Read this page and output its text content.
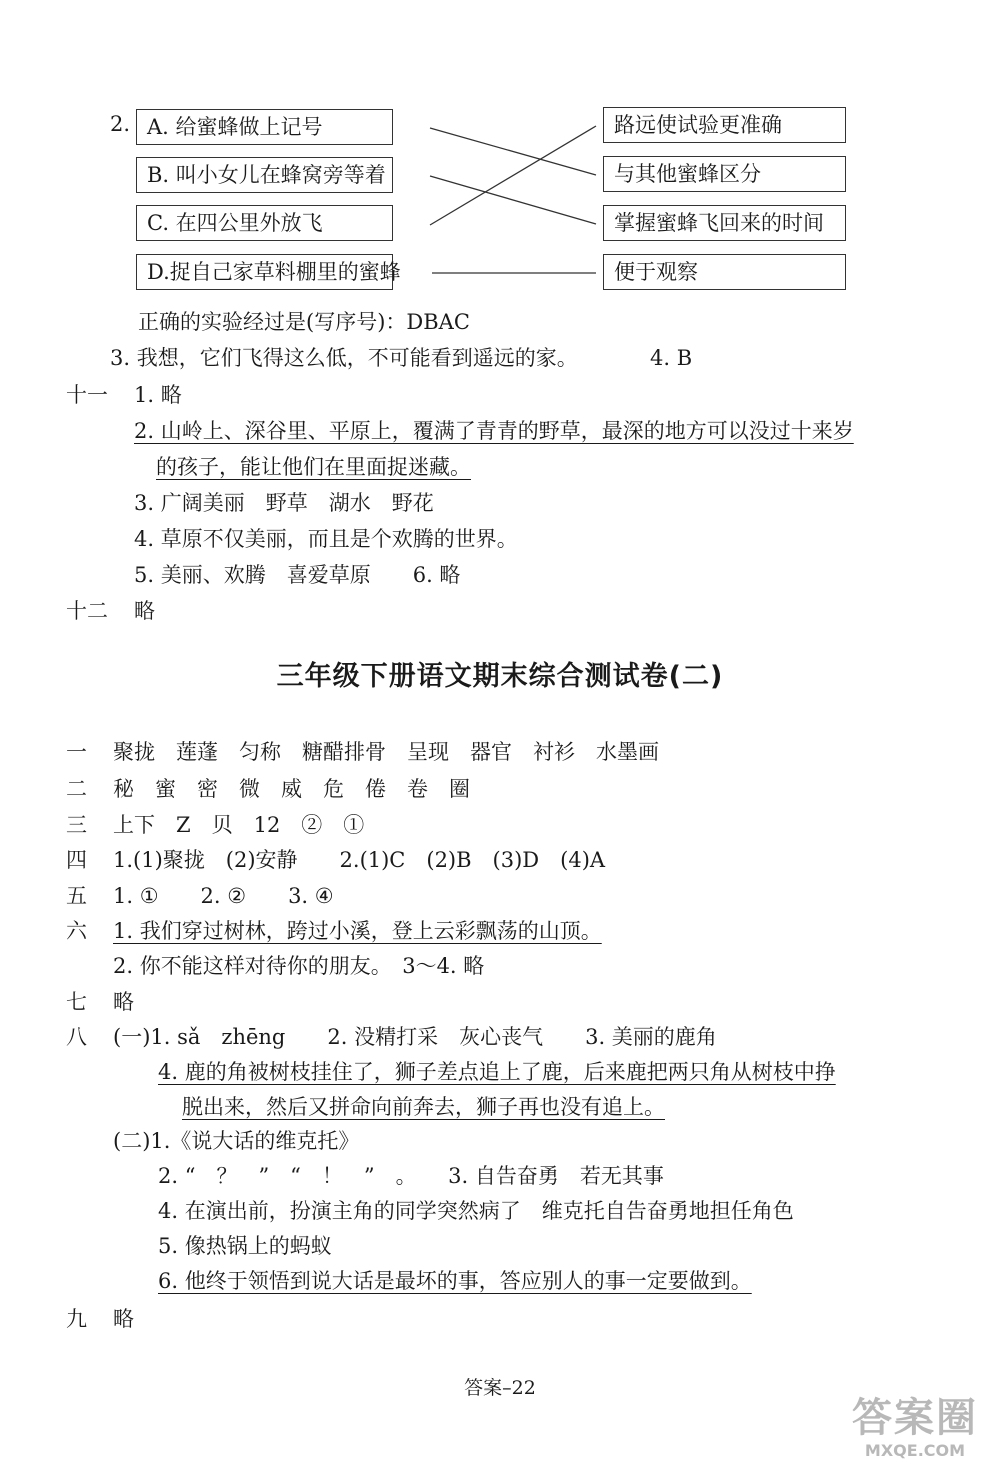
2. A. 给蜜蜂做上记号
B. 叫小女儿在蜂窝旁等着
C. 在四公里外放飞
D.捉自己家草料棚里的蜜蜂
路远使试验更准确
与其他蜜蜂区分
掌握蜜蜂飞回来的时间
便于观察
正确的实验经过是(写序号)：DBAC
3. 我想，它们飞得这么低，不可能看到遥远的家。	4. B
十一 1. 略
2. 山岭上、深谷里、平原上，覆满了青青的野草，最深的地方可以没过十来岁
的孩子，能让他们在里面捉迷藏。
3. 广阔美丽　野草　湖水　野花
4. 草原不仅美丽，而且是个欢腾的世界。
5. 美丽、欢腾　喜爱草原　　6. 略
十二 略
三年级下册语文期末综合测试卷(二)
一 聚拢　莲蓬　匀称　糖醋排骨　呈现　器官　衬衫　水墨画
二 秘　蜜　密　微　威　危　倦　卷　圈
三 上下　Z　贝　12　②　①
四 1.(1)聚拢　(2)安静　　2.(1)C　(2)B　(3)D　(4)A
五 1. ①　　2. ②　　3. ④
六 1. 我们穿过树林，跨过小溪，登上云彩飘荡的山顶。
2. 你不能这样对待你的朋友。　3～4. 略
七 略
八 (一)1. sǎ　zhēng　　2. 没精打采　灰心丧气　　3. 美丽的鹿角
4. 鹿的角被树枝挂住了，狮子差点追上了鹿，后来鹿把两只角从树枝中挣
脱出来，然后又拼命向前奔去，狮子再也没有追上。
(二)1.《说大话的维克托》
2. “　？　”　“　！　”　。　　3. 自告奋勇　若无其事
4. 在演出前，扮演主角的同学突然病了　维克托自告奋勇地担任角色
5. 像热锅上的蚂蚁
6. 他终于领悟到说大话是最坏的事，答应别人的事一定要做到。
九 略
答案–22
答案圈
MXQE.COM
